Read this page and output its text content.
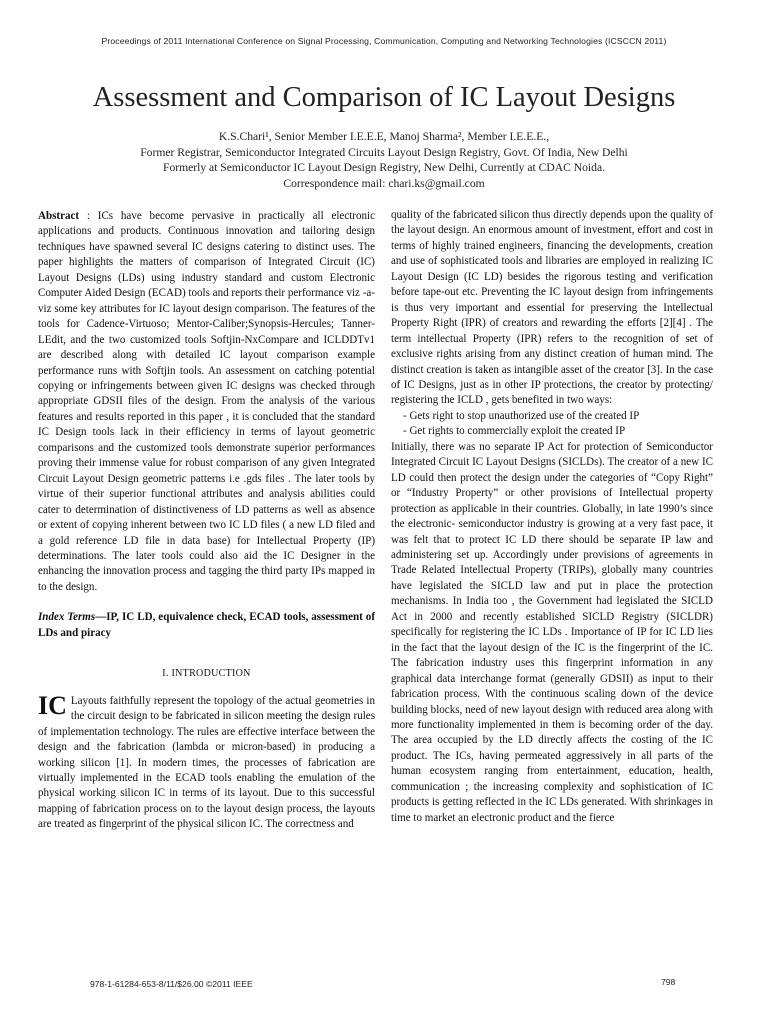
Proceedings of 2011 International Conference on Signal Processing, Communication, Computing and Networking Technologies (ICSCCN 2011)
Assessment and Comparison of IC Layout Designs
K.S.Chari¹, Senior Member I.E.E.E, Manoj Sharma², Member I.E.E.E.,
Former Registrar, Semiconductor Integrated Circuits Layout Design Registry, Govt. Of India, New Delhi
Formerly at Semiconductor IC Layout Design Registry, New Delhi, Currently at CDAC Noida.
Correspondence mail: chari.ks@gmail.com

Abstract : ICs have become pervasive in practically all electronic applications and products. Continuous innovation and tailoring design techniques have spawned several IC designs catering to distinct uses. The paper highlights the matters of comparison of Integrated Circuit (IC) Layout Designs (LDs) using industry standard and custom Electronic Computer Aided Design (ECAD) tools and reports their performance viz -a- viz some key attributes for IC layout design comparison. The features of the tools for Cadence-Virtuoso; Mentor-Caliber;Synopsis-Hercules; Tanner-LEdit, and the two customized tools Softjin-NxCompare and ICLDDTv1 are described along with detailed IC layout comparison example performance runs with Softjin tools. An assessment on catching potential copying or infringements between given IC designs was checked through appropriate GDSII files of the design. From the analysis of the various features and results reported in this paper , it is concluded that the standard IC Design tools lack in their efficiency in terms of layout geometric comparisons and the customized tools demonstrate superior performances proving their immense value for robust comparison of any given Integrated Circuit Layout Design geometric patterns i.e .gds files . The later tools by virtue of their superior functional attributes and analysis abilities could cater to determination of distinctiveness of LD patterns as well as absence or extent of copying inherent between two IC LD files ( a new LD filed and a gold reference LD file in data base) for Intellectual Property (IP) determinations. The later tools could also aid the IC Designer in the enhancing the innovation process and tagging the third party IPs mapped in to the design.

Index Terms—IP, IC LD, equivalence check, ECAD tools, assessment of LDs and piracy

I. INTRODUCTION

IC Layouts faithfully represent the topology of the actual geometries in the circuit design to be fabricated in silicon meeting the design rules of implementation technology. The rules are effective interface between the design and the fabrication (lambda or micron-based) in producing a working silicon [1]. In modern times, the processes of fabrication are virtually implemented in the ECAD tools enabling the emulation of the physical working silicon IC in terms of its layout. Due to this successful mapping of fabrication process on to the layout design process, the layouts are treated as fingerprint of the physical silicon IC. The correctness and

quality of the fabricated silicon thus directly depends upon the quality of the layout design. An enormous amount of investment, effort and cost in terms of highly trained engineers, financing the developments, creation and use of sophisticated tools and libraries are employed in realizing IC Layout Design (IC LD) besides the rigorous testing and verification before tape-out etc. Preventing the IC layout design from infringements is thus very important and essential for preserving the Intellectual Property Right (IPR) of creators and rewarding the efforts [2][4] . The term intellectual Property (IPR) refers to the recognition of set of exclusive rights arising from any distinct creation of human mind. The distinct creation is taken as intangible asset of the creator [3]. In the case of IC Designs, just as in other IP protections, the creator by protecting/ registering the ICLD , gets benefited in two ways:

- Gets right to stop unauthorized use of the created IP

- Get rights to commercially exploit the created IP

Initially, there was no separate IP Act for protection of Semiconductor Integrated Circuit IC Layout Designs (SICLDs). The creator of a new IC LD could then protect the design under the categories of “Copy Right” or “Industry Property” or other provisions of Intellectual property protection as applicable in their countries. Globally, in late 1990’s since the electronic- semiconductor industry is growing at a very fast pace, it was felt that to protect IC LD there should be separate IP law and administering set up. Accordingly under provisions of agreements in Trade Related Intellectual Property (TRIPs), globally many countries have legislated the SICLD law and put in place the protection mechanisms. In India too , the Government had legislated the SICLD Act in 2000 and recently established SICLD Registry (SICLDR) specifically for registering the IC LDs . Importance of IP for IC LD lies in the fact that the layout design of the IC is the fingerprint of the IC. The fabrication industry uses this fingerprint information in any graphical data interchange format (generally GDSII) as input to their fabrication process. With the continuous scaling down of the device building blocks, need of new layout design with reduced area along with more functionality implemented in them is becoming order of the day. The area occupied by the LD directly affects the costing of the IC product. The ICs, having permeated aggressively in all parts of the human ecosystem ranging from entertainment, education, health, communication ; the increasing complexity and sophistication of IC products is getting reflected in the IC LDs generated. With shrinkages in time to market an electronic product and the fierce

978-1-61284-653-8/11/$26.00 ©2011 IEEE	798
